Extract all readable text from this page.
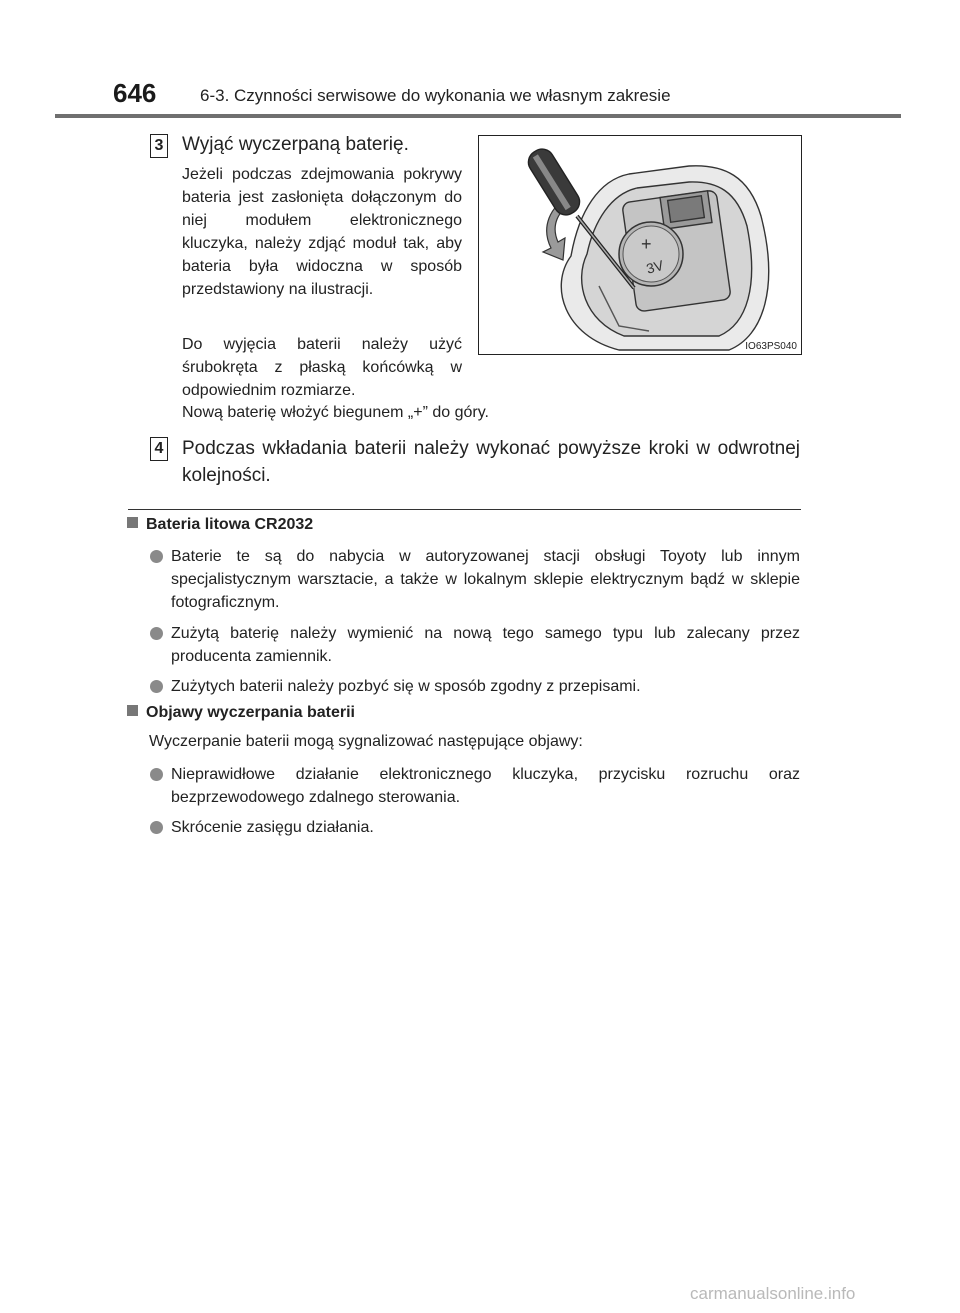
646	6-3. Czynności serwisowe do wykonania we własnym zakresie
3 Wyjąć wyczerpaną baterię.
Jeżeli podczas zdejmowania pokrywy bateria jest zasłonięta dołączonym do niej modułem elektronicznego kluczyka, należy zdjąć moduł tak, aby bateria była widoczna w sposób przedstawiony na ilustracji.
Do wyjęcia baterii należy użyć śrubokręta z płaską końcówką w odpowiednim rozmiarze.
Nową baterię włożyć biegunem „+” do góry.
+
3V
IO63PS040
4 Podczas wkładania baterii należy wykonać powyższe kroki w odwrotnej kolejności.
Bateria litowa CR2032
Baterie te są do nabycia w autoryzowanej stacji obsługi Toyoty lub innym specjalistycznym warsztacie, a także w lokalnym sklepie elektrycznym bądź w sklepie fotograficznym.
Zużytą baterię należy wymienić na nową tego samego typu lub zalecany przez producenta zamiennik.
Zużytych baterii należy pozbyć się w sposób zgodny z przepisami.
Objawy wyczerpania baterii
Wyczerpanie baterii mogą sygnalizować następujące objawy:
Nieprawidłowe działanie elektronicznego kluczyka, przycisku rozruchu oraz bezprzewodowego zdalnego sterowania.
Skrócenie zasięgu działania.
carmanualsonline.info
